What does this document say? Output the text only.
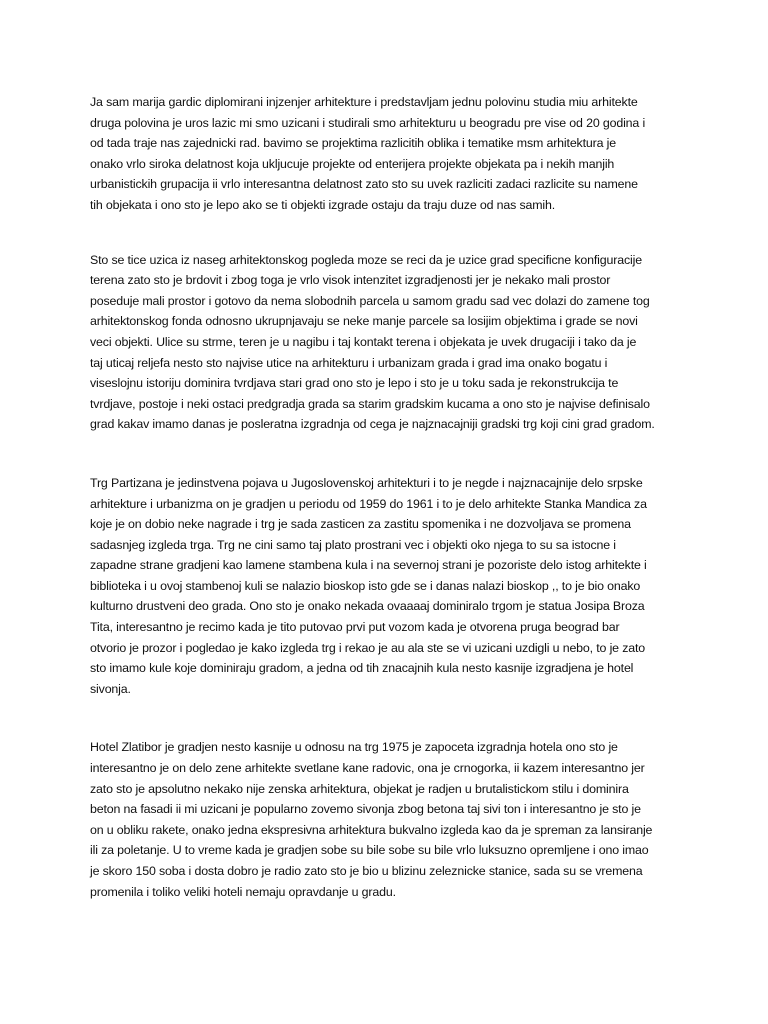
Ja sam marija gardic diplomirani injzenjer arhitekture i predstavljam jednu polovinu studia miu arhitekte
druga polovina je uros lazic mi smo uzicani i studirali smo arhitekturu u beogradu pre vise od 20 godina i
od tada traje nas zajednicki rad. bavimo se projektima razlicitih oblika i tematike msm arhitektura je
onako vrlo siroka delatnost koja ukljucuje projekte od enterijera projekte objekata pa i nekih manjih
urbanistickih grupacija ii vrlo interesantna delatnost zato sto su uvek razliciti zadaci razlicite su namene
tih objekata i ono sto je lepo ako se ti objekti izgrade ostaju da traju duze od nas samih.

Sto se tice uzica iz naseg arhitektonskog pogleda moze se reci da je uzice grad specificne konfiguracije
terena zato sto je brdovit i zbog toga je vrlo visok intenzitet izgradjenosti jer je nekako mali prostor
poseduje mali prostor i gotovo da nema slobodnih parcela u samom gradu sad vec dolazi do zamene tog
arhitektonskog fonda odnosno ukrupnjavaju se neke manje parcele sa losijim objektima i grade se novi
veci objekti. Ulice su strme, teren je u nagibu i taj kontakt terena i objekata je uvek drugaciji i tako da je
taj uticaj reljefa nesto sto najvise utice na arhitekturu i urbanizam grada i grad ima onako bogatu i
viseslojnu istoriju dominira tvrdjava stari grad ono sto je lepo i sto je u toku sada je rekonstrukcija te
tvrdjave, postoje i neki ostaci predgradja grada sa starim gradskim kucama a ono sto je najvise definisalo
grad kakav imamo danas je posleratna izgradnja od cega je najznacajniji gradski trg koji cini grad gradom.

Trg Partizana je jedinstvena pojava u Jugoslovenskoj arhitekturi i to je negde i najznacajnije delo srpske
arhitekture i urbanizma on je gradjen u periodu od 1959 do 1961 i to je delo arhitekte Stanka Mandica za
koje je on dobio neke nagrade i trg je sada zasticen za zastitu spomenika i ne dozvoljava se promena
sadasnjeg izgleda trga. Trg ne cini samo taj plato prostrani vec i objekti oko njega to su sa istocne i
zapadne strane gradjeni kao lamene stambena kula i na severnoj strani je pozoriste delo istog arhitekte i
biblioteka i u ovoj stambenoj kuli se nalazio bioskop isto gde se i danas nalazi bioskop ,, to je bio onako
kulturno drustveni deo grada. Ono sto je onako nekada ovaaaaj dominiralo trgom je statua Josipa Broza
Tita, interesantno je recimo kada je tito putovao prvi put vozom kada je otvorena pruga beograd bar
otvorio je prozor i pogledao je kako izgleda trg i rekao je au ala ste se vi uzicani uzdigli u nebo, to je zato
sto imamo kule koje dominiraju gradom, a jedna od tih znacajnih kula nesto kasnije izgradjena je hotel
sivonja.

Hotel Zlatibor je gradjen nesto kasnije u odnosu na trg 1975 je zapoceta izgradnja hotela ono sto je
interesantno je on delo zene arhitekte svetlane kane radovic, ona je crnogorka, ii kazem interesantno jer
zato sto je apsolutno nekako nije zenska arhitektura, objekat je radjen u brutalistickom stilu i dominira
beton na fasadi ii mi uzicani je popularno zovemo sivonja zbog betona taj sivi ton i interesantno je sto je
on u obliku rakete, onako jedna ekspresivna arhitektura bukvalno izgleda kao da je spreman za lansiranje
ili za poletanje. U to vreme kada je gradjen sobe su bile sobe su bile vrlo luksuzno opremljene i ono imao
je skoro 150 soba i dosta dobro je radio zato sto je bio u blizinu zeleznicke stanice, sada su se vremena
promenila i toliko veliki hoteli nemaju opravdanje u gradu.
